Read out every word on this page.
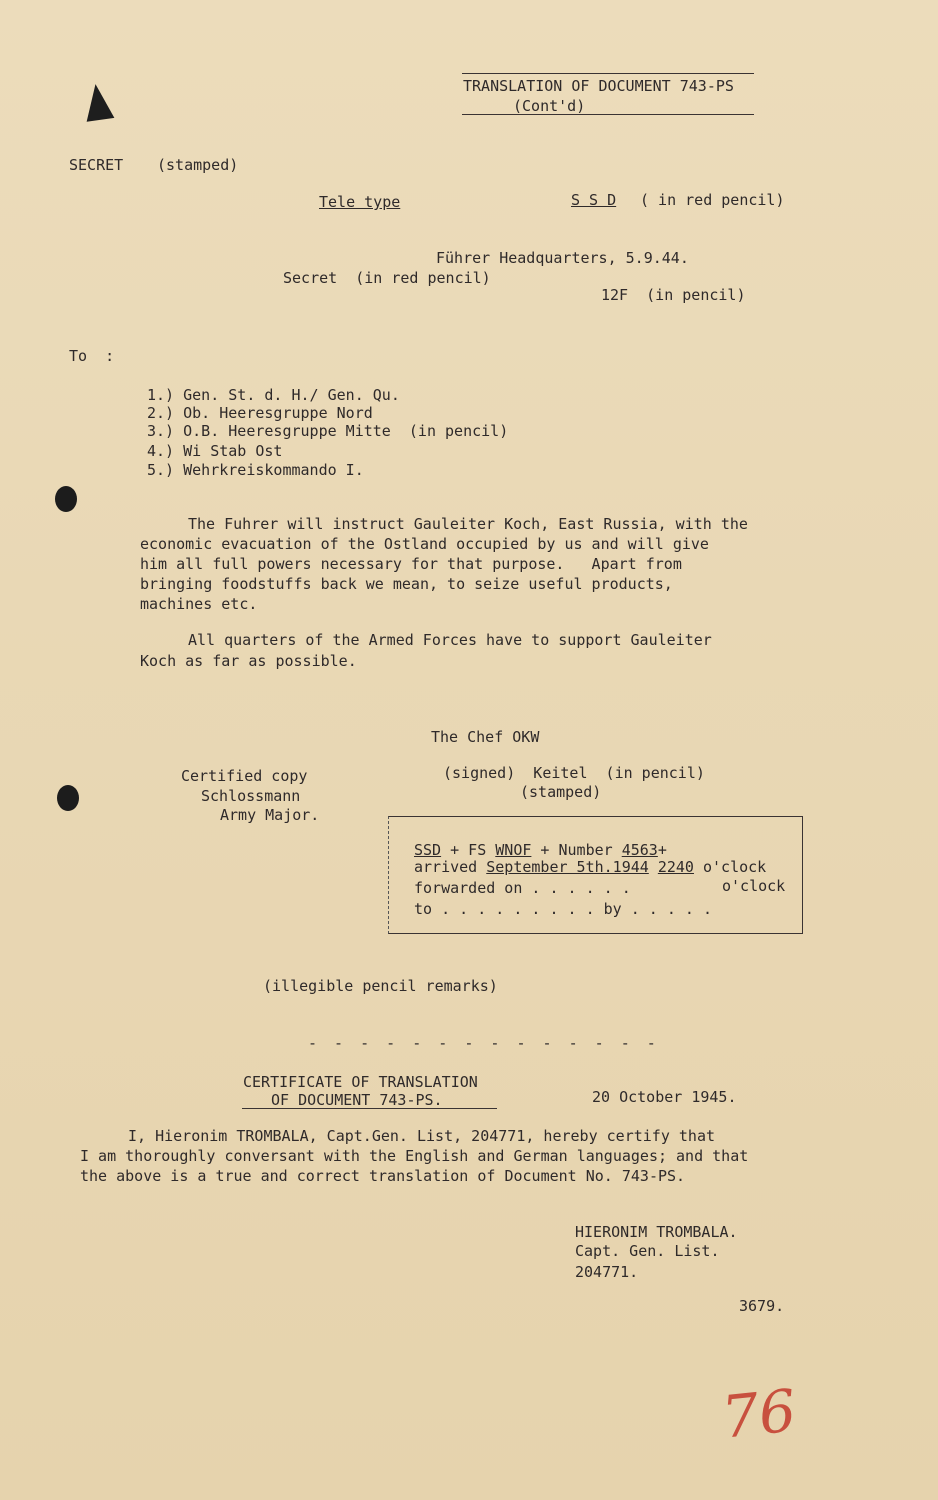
TRANSLATION OF DOCUMENT 743-PS
(Cont'd)
SECRET (stamped)
Tele type	S S D ( in red pencil)
Führer Headquarters, 5.9.44.
Secret  (in red pencil)
12F  (in pencil)
To  :
1.) Gen. St. d. H./ Gen. Qu.
2.) Ob. Heeresgruppe Nord
3.) O.B. Heeresgruppe Mitte  (in pencil)
4.) Wi Stab Ost
5.) Wehrkreiskommando I.
The Fuhrer will instruct Gauleiter Koch, East Russia, with the
economic evacuation of the Ostland occupied by us and will give
him all full powers necessary for that purpose.   Apart from
bringing foodstuffs back we mean, to seize useful products,
machines etc.
All quarters of the Armed Forces have to support Gauleiter
Koch as far as possible.
The Chef OKW
(signed)  Keitel  (in pencil)
(stamped)
Certified copy
Schlossmann
Army Major.
SSD + FS WNOF + Number 4563+
arrived September 5th.1944 2240 o'clock
forwarded on . . . . . .	o'clock
to . . . . . . . . . by . . . . .
(illegible pencil remarks)
- - - - - - - - - - - - - -
CERTIFICATE OF TRANSLATION
OF DOCUMENT 743-PS.	20 October 1945.
I, Hieronim TROMBALA, Capt.Gen. List, 204771, hereby certify that
I am thoroughly conversant with the English and German languages; and that
the above is a true and correct translation of Document No. 743-PS.
HIERONIM TROMBALA.
Capt. Gen. List.
204771.
3679.
76
